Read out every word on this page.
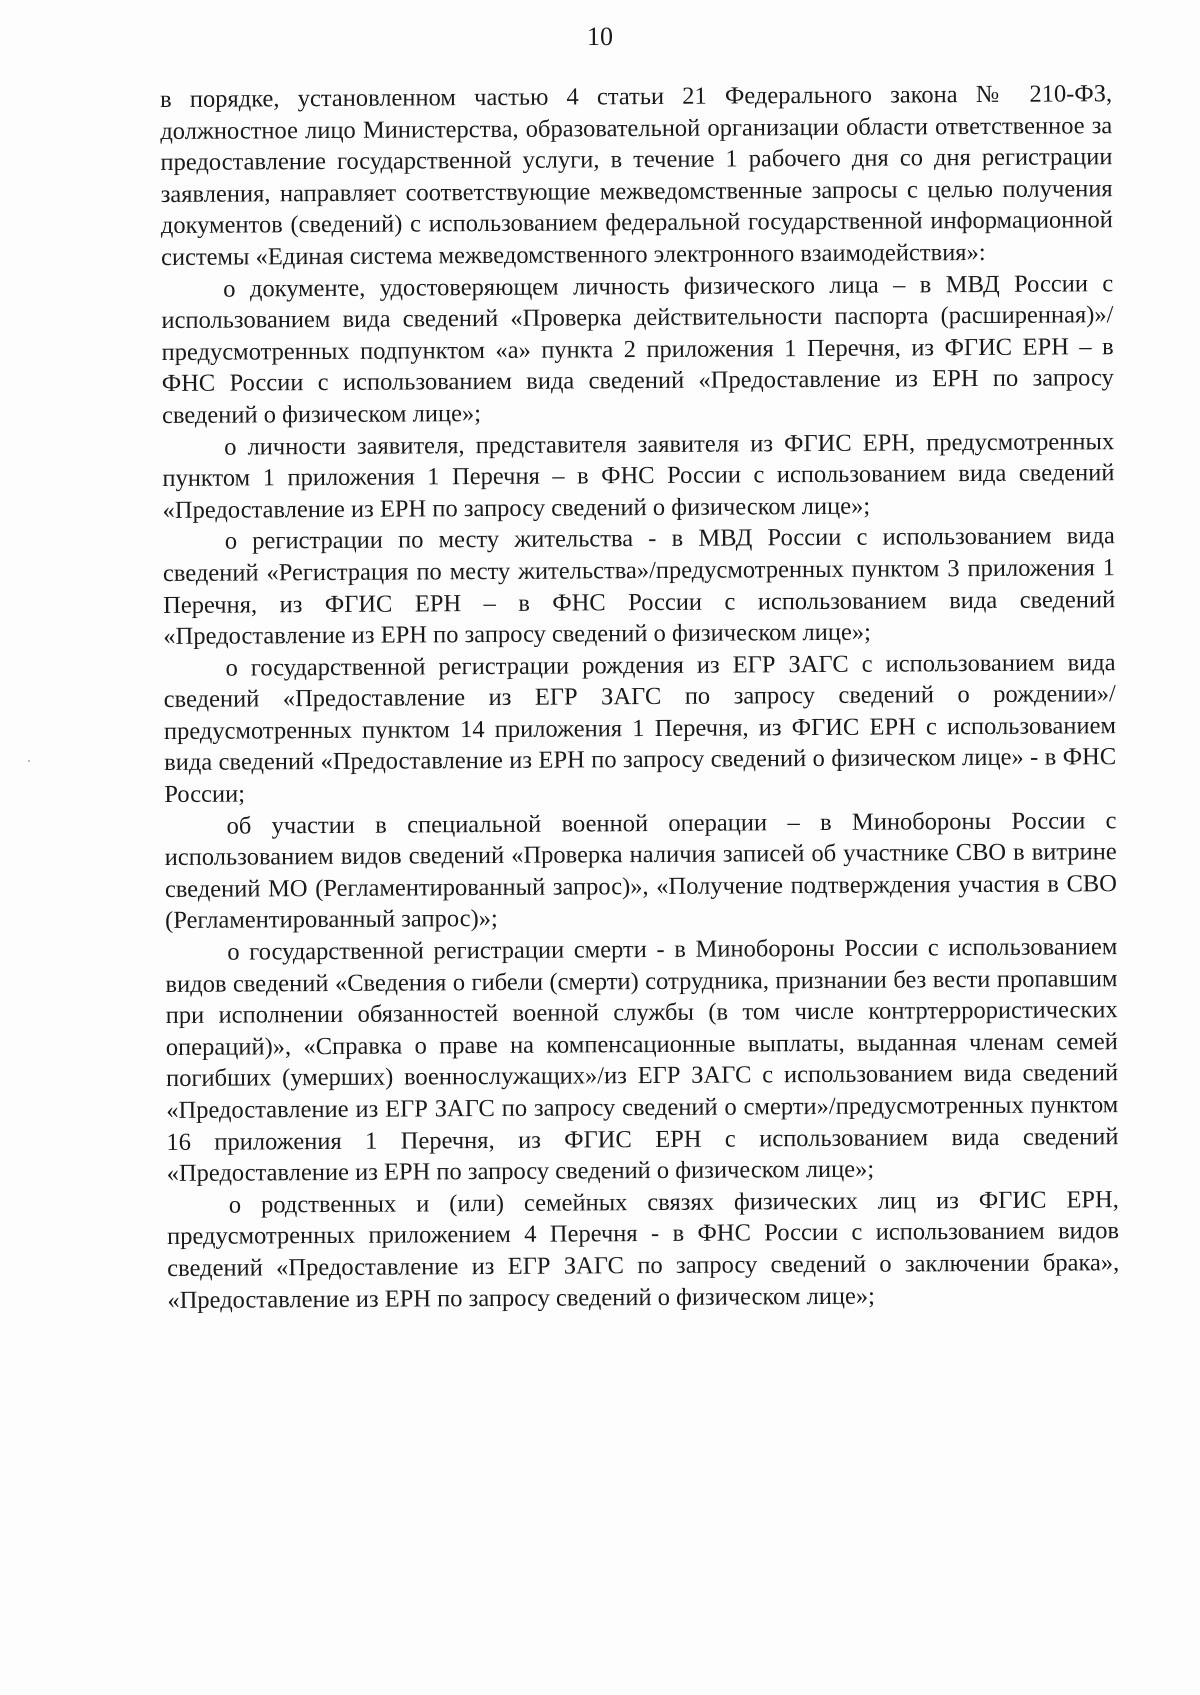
10

в порядке, установленном частью 4 статьи 21 Федерального закона № 210-ФЗ, должностное лицо Министерства, образовательной организации области ответственное за предоставление государственной услуги, в течение 1 рабочего дня со дня регистрации заявления, направляет соответствующие межведомственные запросы с целью получения документов (сведений) с использованием федеральной государственной информационной системы «Единая система межведомственного электронного взаимодействия»:

о документе, удостоверяющем личность физического лица – в МВД России с использованием вида сведений «Проверка действительности паспорта (расширенная)»/предусмотренных подпунктом «а» пункта 2 приложения 1 Перечня, из ФГИС ЕРН – в ФНС России с использованием вида сведений «Предоставление из ЕРН по запросу сведений о физическом лице»;

о личности заявителя, представителя заявителя из ФГИС ЕРН, предусмотренных пунктом 1 приложения 1 Перечня – в ФНС России с использованием вида сведений «Предоставление из ЕРН по запросу сведений о физическом лице»;

о регистрации по месту жительства - в МВД России с использованием вида сведений «Регистрация по месту жительства»/предусмотренных пунктом 3 приложения 1 Перечня, из ФГИС ЕРН – в ФНС России с использованием вида сведений «Предоставление из ЕРН по запросу сведений о физическом лице»;

о государственной регистрации рождения из ЕГР ЗАГС с использованием вида сведений «Предоставление из ЕГР ЗАГС по запросу сведений о рождении»/предусмотренных пунктом 14 приложения 1 Перечня, из ФГИС ЕРН с использованием вида сведений «Предоставление из ЕРН по запросу сведений о физическом лице» - в ФНС России;

об участии в специальной военной операции – в Минобороны России с использованием видов сведений «Проверка наличия записей об участнике СВО в витрине сведений МО (Регламентированный запрос)», «Получение подтверждения участия в СВО (Регламентированный запрос)»;

о государственной регистрации смерти - в Минобороны России с использованием видов сведений «Сведения о гибели (смерти) сотрудника, признании без вести пропавшим при исполнении обязанностей военной службы (в том числе контртеррористических операций)», «Справка о праве на компенсационные выплаты, выданная членам семей погибших (умерших) военнослужащих»/из ЕГР ЗАГС с использованием вида сведений «Предоставление из ЕГР ЗАГС по запросу сведений о смерти»/предусмотренных пунктом 16 приложения 1 Перечня, из ФГИС ЕРН с использованием вида сведений «Предоставление из ЕРН по запросу сведений о физическом лице»;

о родственных и (или) семейных связях физических лиц из ФГИС ЕРН, предусмотренных приложением 4 Перечня - в ФНС России с использованием видов сведений «Предоставление из ЕГР ЗАГС по запросу сведений о заключении брака», «Предоставление из ЕРН по запросу сведений о физическом лице»;
